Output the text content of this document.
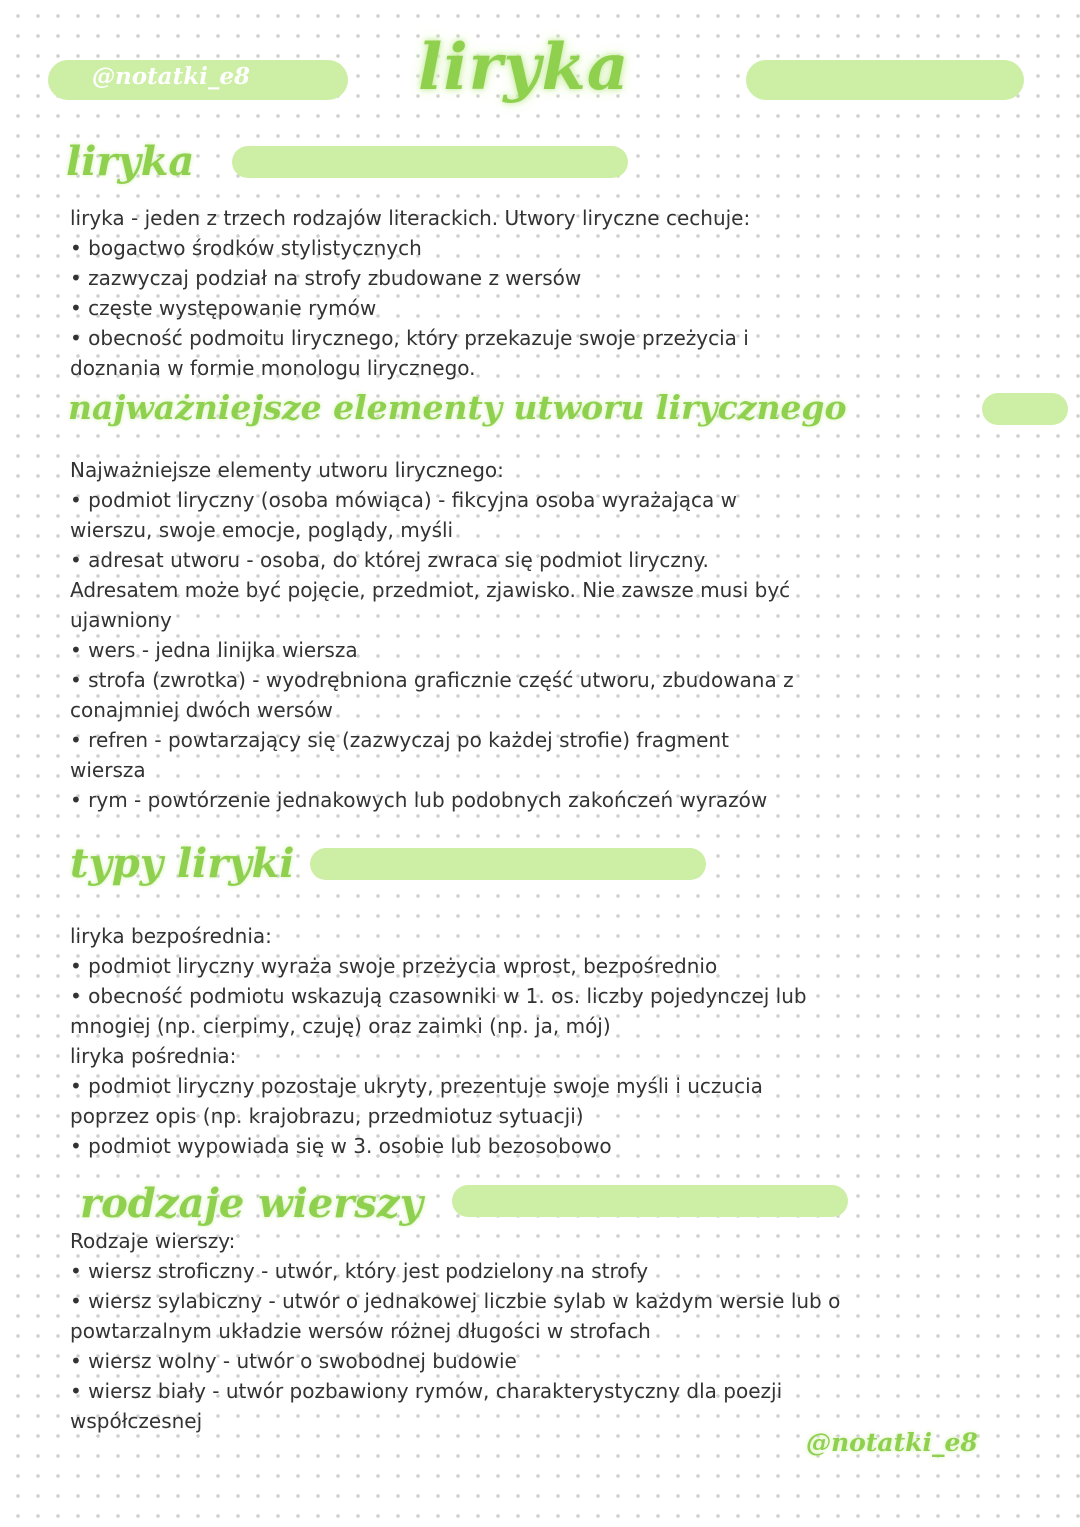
@notatki_e8	liryka
liryka
liryka - jeden z trzech rodzajów literackich. Utwory liryczne cechuje:
• bogactwo środków stylistycznych
• zazwyczaj podział na strofy zbudowane z wersów
• częste występowanie rymów
• obecność podmoitu lirycznego, który przekazuje swoje przeżycia i
doznania w formie monologu lirycznego.
najważniejsze elementy utworu lirycznego
Najważniejsze elementy utworu lirycznego:
• podmiot liryczny (osoba mówiąca) - fikcyjna osoba wyrażająca w
wierszu, swoje emocje, poglądy, myśli
• adresat utworu - osoba, do której zwraca się podmiot liryczny.
Adresatem może być pojęcie, przedmiot, zjawisko. Nie zawsze musi być
ujawniony
• wers - jedna linijka wiersza
• strofa (zwrotka) - wyodrębniona graficznie część utworu, zbudowana z
conajmniej dwóch wersów
• refren - powtarzający się (zazwyczaj po każdej strofie) fragment
wiersza
• rym - powtórzenie jednakowych lub podobnych zakończeń wyrazów
typy liryki
liryka bezpośrednia:
• podmiot liryczny wyraża swoje przeżycia wprost, bezpośrednio
• obecność podmiotu wskazują czasowniki w 1. os. liczby pojedynczej lub
mnogiej (np. cierpimy, czuję) oraz zaimki (np. ja, mój)
liryka pośrednia:
• podmiot liryczny pozostaje ukryty, prezentuje swoje myśli i uczucia
poprzez opis (np. krajobrazu, przedmiotuz sytuacji)
• podmiot wypowiada się w 3. osobie lub bezosobowo
rodzaje wierszy
Rodzaje wierszy:
• wiersz stroficzny - utwór, który jest podzielony na strofy
• wiersz sylabiczny - utwór o jednakowej liczbie sylab w każdym wersie lub o
powtarzalnym układzie wersów różnej długości w strofach
• wiersz wolny - utwór o swobodnej budowie
• wiersz biały - utwór pozbawiony rymów, charakterystyczny dla poezji
współczesnej
@notatki_e8
